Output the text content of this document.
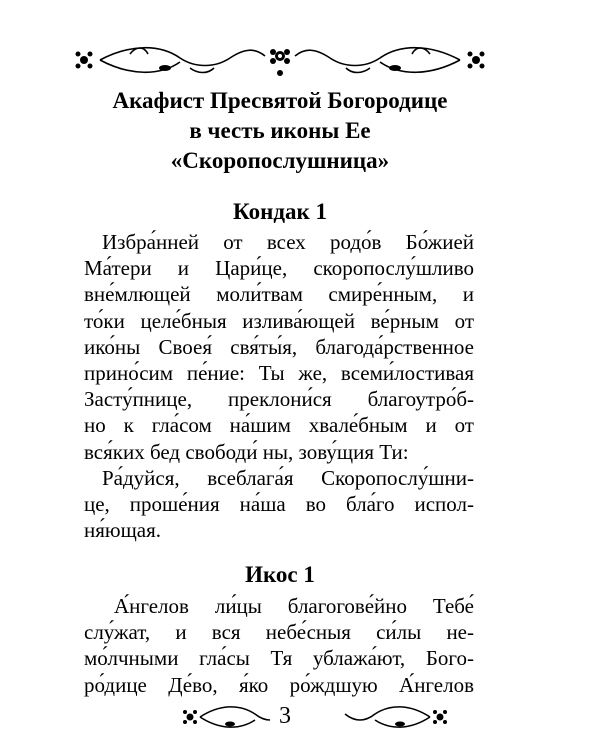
Акафист Пресвятой Богородице
в честь иконы Ее
«Скоропослушница»
Кондак 1
Избра́нней от всех родо́в Бо́жией
Ма́тери и Цари́це, скоропослу́шливо
вне́млющей моли́твам смире́нным, и
то́ки целе́бныя излива́ющей ве́рным от
ико́ны Своея́ свя́ты́я, благода́рственное
прино́сим пе́ние: Ты же, всеми́лостивая
Засту́пнице, преклони́ся благоутро́б-
но к гла́сом на́шим хвале́бным и от
вся́ких бед свободи́ ны, зову́щия Ти:
Ра́дуйся, всеблага́я Скоропослу́шни-
це, проше́ния на́ша во бла́го испол-
ня́ющая.
Икос 1
А́нгелов ли́цы благогове́йно Тебе́
слу́жат, и вся небе́сныя си́лы не-
мо́лчными гла́сы Тя ублажа́ют, Бого-
ро́дице Де́во, я́ко ро́ждшую А́нгелов
3
